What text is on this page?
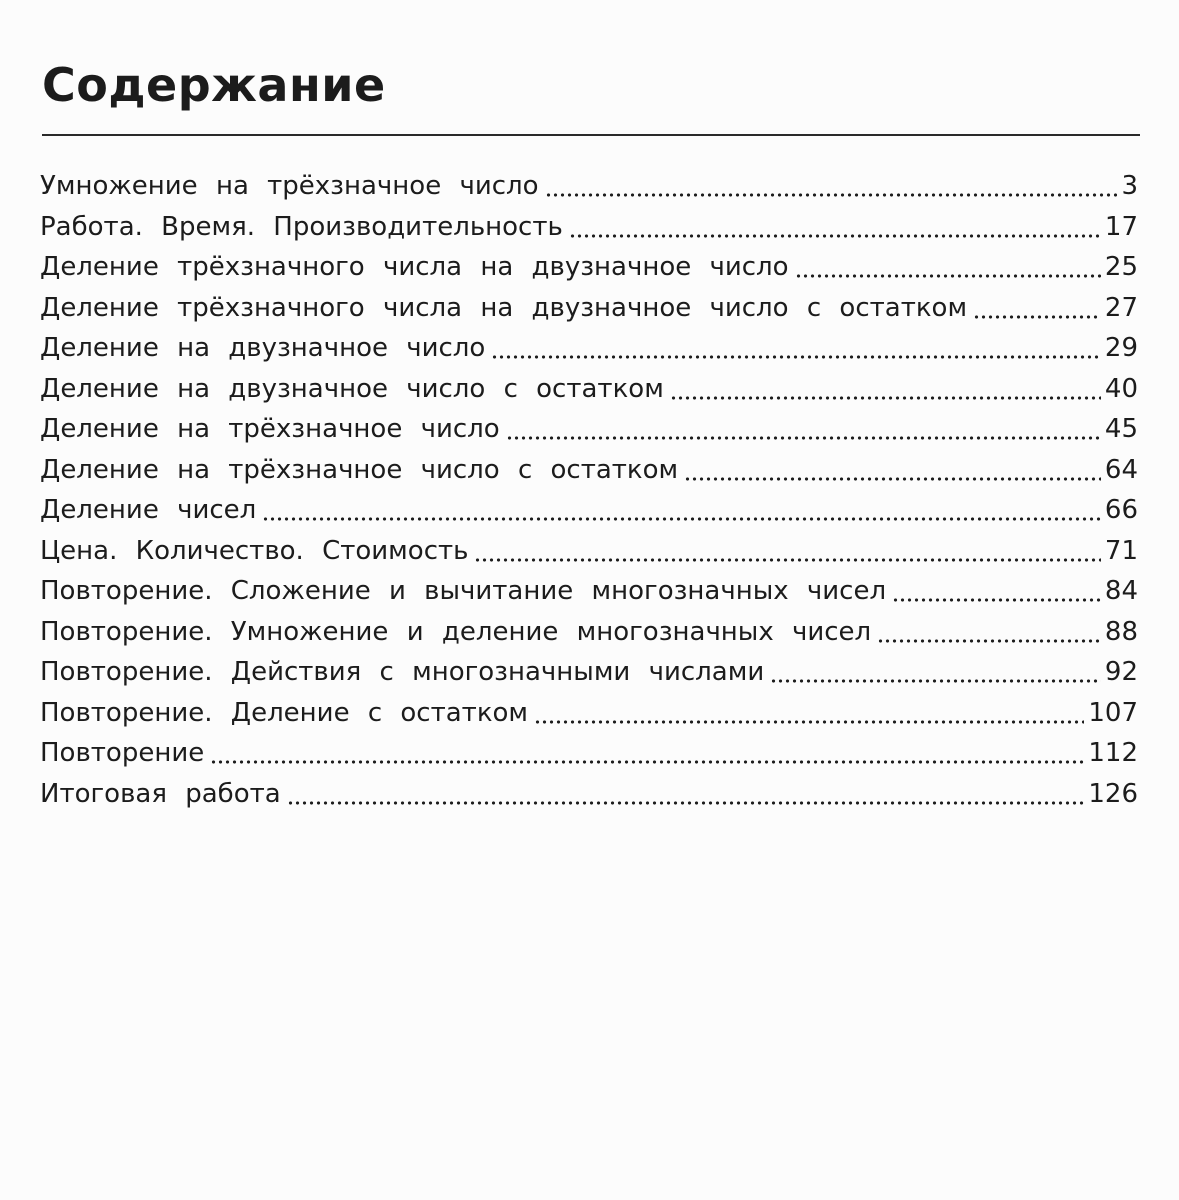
Содержание
Умножение на трёхзначное число	3
Работа. Время. Производительность	17
Деление трёхзначного числа на двузначное число	25
Деление трёхзначного числа на двузначное число с остатком	27
Деление на двузначное число	29
Деление на двузначное число с остатком	40
Деление на трёхзначное число	45
Деление на трёхзначное число с остатком	64
Деление чисел	66
Цена. Количество. Стоимость	71
Повторение. Сложение и вычитание многозначных чисел	84
Повторение. Умножение и деление многозначных чисел	88
Повторение. Действия с многозначными числами	92
Повторение. Деление с остатком	107
Повторение	112
Итоговая работа	126
